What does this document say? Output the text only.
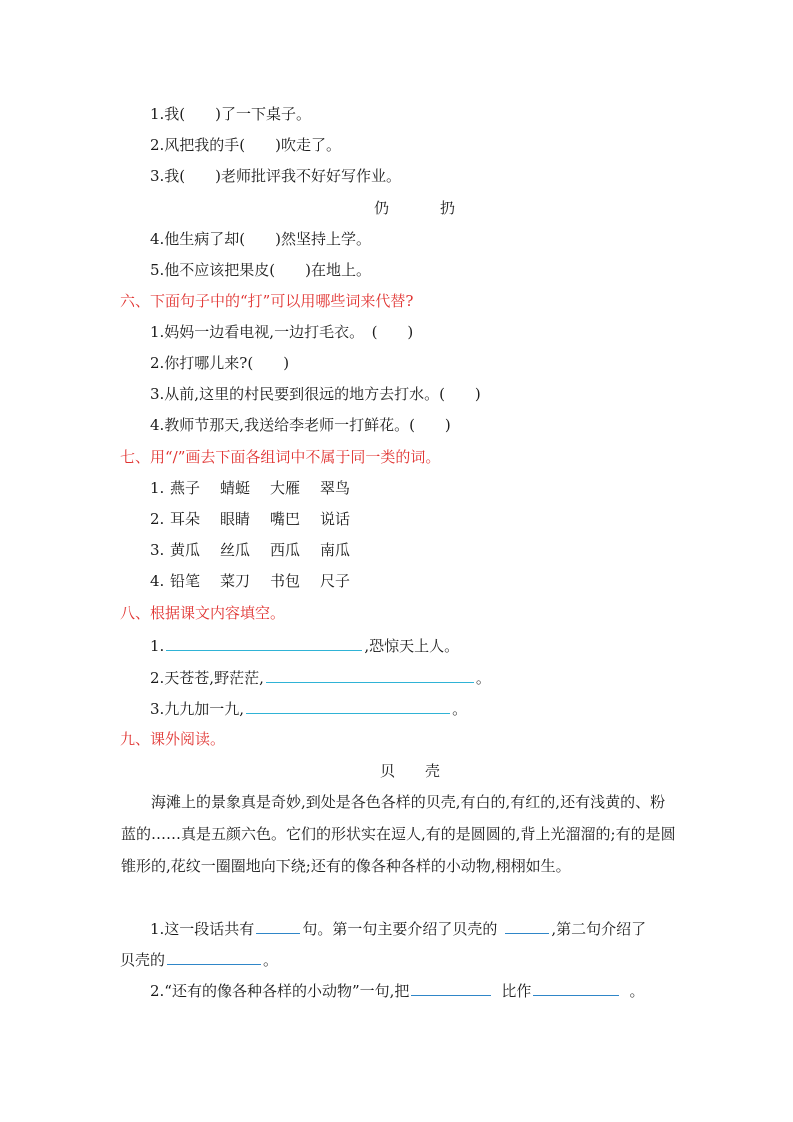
1.我(　　)了一下桌子。
2.风把我的手(　　)吹走了。
3.我(　　)老师批评我不好好写作业。
仍	扔
4.他生病了却(　　)然坚持上学。
5.他不应该把果皮(　　)在地上。
六、下面句子中的“打”可以用哪些词来代替?
1.妈妈一边看电视,一边打毛衣。　(　　)
2.你打哪儿来?(　　)
3.从前,这里的村民要到很远的地方去打水。(　　)
4.教师节那天,我送给李老师一打鲜花。(　　)
七、用“/”画去下面各组词中不属于同一类的词。
1. 燕子 蜻蜓 大雁 翠鸟
2. 耳朵 眼睛 嘴巴 说话
3. 黄瓜 丝瓜 西瓜 南瓜
4. 铅笔 菜刀 书包 尺子
八、根据课文内容填空。
1.	,恐惊天上人。
2.天苍苍,野茫茫,	。
3.九九加一九,	。
九、课外阅读。
贝　　壳
海滩上的景象真是奇妙,到处是各色各样的贝壳,有白的,有红的,还有浅黄的、粉蓝的……真是五颜六色。它们的形状实在逗人,有的是圆圆的,背上光溜溜的;有的是圆锥形的,花纹一圈圈地向下绕;还有的像各种各样的小动物,栩栩如生。
1.这一段话共有	句。第一句主要介绍了贝壳的	,第二句介绍了
贝壳的	。
2.“还有的像各种各样的小动物”一句,把	比作	。
